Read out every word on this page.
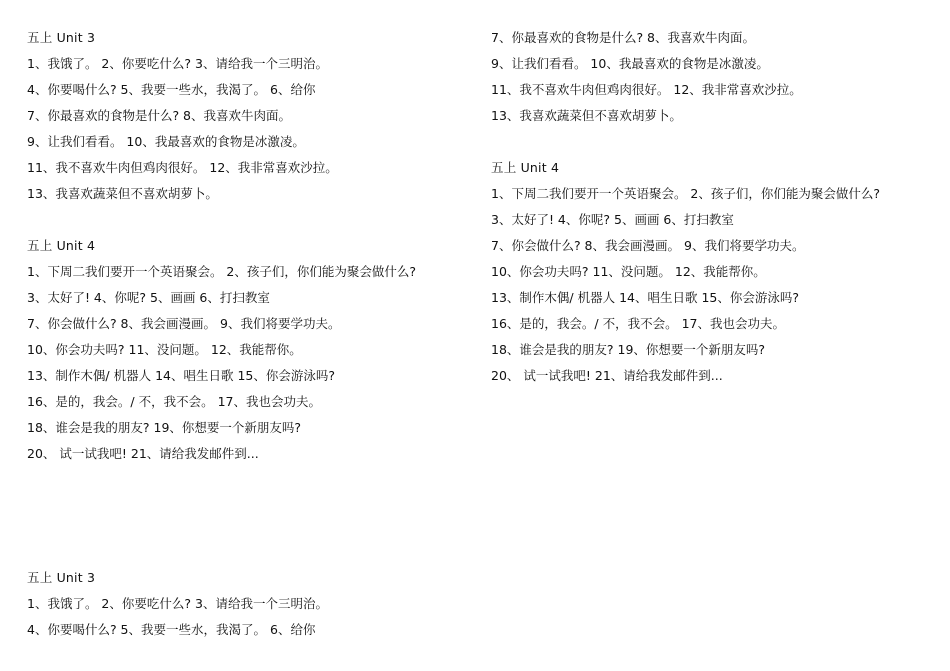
五上 Unit 3
1、我饿了。 2、你要吃什么? 3、请给我一个三明治。
4、你要喝什么? 5、我要一些水，我渴了。 6、给你
7、你最喜欢的食物是什么? 8、我喜欢牛肉面。
9、让我们看看。 10、我最喜欢的食物是冰激凌。
11、我不喜欢牛肉但鸡肉很好。 12、我非常喜欢沙拉。
13、我喜欢蔬菜但不喜欢胡萝卜。
五上 Unit 4
1、下周二我们要开一个英语聚会。 2、孩子们，你们能为聚会做什么?
3、太好了! 4、你呢? 5、画画 6、打扫教室
7、你会做什么? 8、我会画漫画。 9、我们将要学功夫。
10、你会功夫吗? 11、没问题。 12、我能帮你。
13、制作木偶/ 机器人 14、唱生日歌 15、你会游泳吗?
16、是的，我会。/ 不，我不会。 17、我也会功夫。
18、谁会是我的朋友? 19、你想要一个新朋友吗?
20、 试一试我吧! 21、请给我发邮件到...
7、你最喜欢的食物是什么? 8、我喜欢牛肉面。
9、让我们看看。 10、我最喜欢的食物是冰激凌。
11、我不喜欢牛肉但鸡肉很好。 12、我非常喜欢沙拉。
13、我喜欢蔬菜但不喜欢胡萝卜。
五上 Unit 4
1、下周二我们要开一个英语聚会。 2、孩子们，你们能为聚会做什么?
3、太好了! 4、你呢? 5、画画 6、打扫教室
7、你会做什么? 8、我会画漫画。 9、我们将要学功夫。
10、你会功夫吗? 11、没问题。 12、我能帮你。
13、制作木偶/ 机器人 14、唱生日歌 15、你会游泳吗?
16、是的，我会。/ 不，我不会。 17、我也会功夫。
18、谁会是我的朋友? 19、你想要一个新朋友吗?
20、 试一试我吧! 21、请给我发邮件到...
五上 Unit 3
1、我饿了。 2、你要吃什么? 3、请给我一个三明治。
4、你要喝什么? 5、我要一些水，我渴了。 6、给你
